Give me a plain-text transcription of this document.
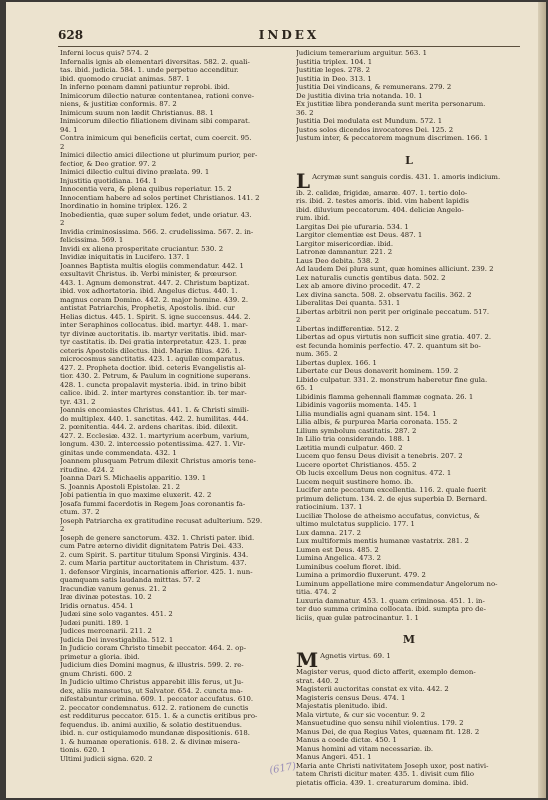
628	INDEX
Inferni locus quis? 574. 2
Infernalis ignis ab elementari diversitas. 582. 2. quali-
tas. ibid. judicia. 584. 1. unde perpetuo accenditur.
ibid. quomodo cruciat animas. 587. 1
In inferno pœnam damni patiuntur reprobi. ibid.
Inimicorum dilectio naturæ contentanea, rationi conve-
niens, & justitiæ conformis. 87. 2
Inimicum suum non lædit Christianus. 88. 1
Inimicorum dilectio filiationem divinam sibi comparat.
94. 1
Contra inimicum qui beneficiis certat, cum coercit. 95.
2
Inimici dilectio amici dilectione ut plurimum purior, per-
fectior, & Deo gratior. 97. 2
Inimici dilectio cultui divino prælata. 99. 1
Injustitia quotidiana. 164. 1
Innocentia vera, & plena quibus reperiatur. 15. 2
Innocentiam habere ad solos pertinet Christianos. 141. 2
Inordinatio in homine triplex. 126. 2
Inobedientia, quæ super solum fedet, unde oriatur. 43.
2
Invidia criminosissima. 566. 2. crudelissima. 567. 2. in-
felicissima. 569. 1
Invidi ex aliena prosperitate cruciantur. 530. 2
Invidiæ iniquitatis in Lucifero. 137. 1
Joannes Baptista multis elogiis commendatur. 442. 1
exsultavit Christus. ib. Verbi minister, & prœursor.
443. 1. Agnum demonstrat. 447. 2. Christum baptizat.
ibid. vox adhortatoria. ibid. Angelus dictus. 440. 1.
magnus coram Domino. 442. 2. major homine. 439. 2.
antistat Patriarchis, Prophetis, Apostolis. ibid. cur
Helias dictus. 445. 1. Spirit. S. igne succensus. 444. 2.
inter Seraphinos collocatus. ibid. martyr. 448. 1. mar-
tyr divinæ auctoritatis. ib. martyr veritatis. ibid. mar-
tyr castitatis. ib. Dei gratia interpretatur. 423. 1. præ
ceteris Apostolis dilectus. ibid. Mariæ filius. 426. 1.
microcosmus sanctitatis. 423. 1. aquilæ comparatus.
427. 2. Propheta doctior. ibid. ceteris Evangelistis al-
tior. 430. 2. Petrum, & Paulum in cognitione superans.
428. 1. cuncta propalavit mysteria. ibid. in trino bibit
calice. ibid. 2. inter martyres constantior. ib. ter mar-
tyr. 431. 2
Joannis encomiastes Christus. 441. 1. & Christi simili-
do multiplex. 440. 1. sanctitas. 442. 2. humilitas. 444.
2. pœnitentia. 444. 2. ardens charitas. ibid. dilexit.
427. 2. Ecclesiæ. 432. 1. martyrium acerbum, varium,
longum. 430. 2. intercessio potentissima. 427. 1. Vir-
ginitas unde commendata. 432. 1
Joannem plusquam Petrum dilexit Christus amoris tene-
ritudine. 424. 2
Joanna Dari S. Michaelis apparitio. 139. 1
S. Joannis Apostoli Epistolæ. 21. 2
Jobi patientia in quo maxime eluxerit. 42. 2
Josafa fummi facerdotis in Regem Joas coronantis fa-
ctum. 37. 2
Joseph Patriarcha ex gratitudine recusat adulterium. 529.
2
Joseph de genere sanctorum. 432. 1. Christi pater. ibid.
cum Patre æterno dividit dignitatem Patris Dei. 433.
2. cum Spirit. S. partitur titulum Sponsi Virginis. 434.
2. cum Maria partitur auctoritatem in Christum. 437.
1. defensor Virginis, incarnationis afferior. 425. 1. nun-
quamquam satis laudanda mitttas. 57. 2
Iracundiæ vanum genus. 21. 2
Iræ divinæ potestas. 10. 2
Iridis ornatus. 454. 1
Judæi sine solo vagantes. 451. 2
Judæi puniti. 189. 1
Judices mercenarii. 211. 2
Judicia Dei investigabilia. 512. 1
In Judicio coram Christo timebit peccator. 464. 2. op-
primetur a gloria. ibid.
Judicium dies Domini magnus, & illustris. 599. 2. re-
gnum Christi. 600. 2
In Judicio ultimo Christus apparebit illis ferus, ut Ju-
dex, aliis mansuetus, ut Salvator. 654. 2. cuncta ma-
nifestabuntur crimina. 609. 1. peccator accufatus. 610.
2. peccator condemnatus. 612. 2. rationem de cunctis
est redditurus peccator. 615. 1. & a cunctis eritibus pro-
fequendus. ib. animi auxilio, & solatio destituendus.
ibid. n. cur ostiquiamodo mundanæ dispositionis. 618.
1. & humanæ operationis. 618. 2. & divinæ misera-
tionis. 620. 1
Ultimi judicii signa. 620. 2
Judicium temerarium arguitur. 563. 1
Justitia triplex. 104. 1
Justitiæ leges. 278. 2
Justitia in Deo. 313. 1
Justitia Dei vindicans, & remunerans. 279. 2
De justitia divina tria notanda. 10. 1
Ex justitiæ libra ponderanda sunt merita personarum.
36. 2
Justitia Dei modulata est Mundum. 572. 1
Justos solos dicendos invocatores Dei. 125. 2
Justum inter, & peccatorem magnum discrimen. 166. 1
L
L Acrymæ sunt sanguis cordis. 431. 1. amoris indicium.
ib. 2. calidæ, frigidæ, amaræ. 407. 1. tertio dolo-
ris. ibid. 2. testes amoris. ibid. vim habent lapidis
ibid. diluvium peccatorum. 404. deliciæ Angelo-
rum. ibid.
Largitas Dei pie ufuraria. 534. 1
Largitor clementiæ est Deus. 487. 1
Largitor misericordiæ. ibid.
Latronæ damnantur. 221. 2
Laus Deo debita. 538. 2
Ad laudem Dei plura sunt, quæ homines alliciunt. 239. 2
Lex naturalis cunctis gentibus data. 502. 2
Lex ab amore divino procedit. 47. 2
Lex divina sancta. 508. 2. observatu facilis. 362. 2
Liberalitas Dei quanta. 531. 1
Libertas arbitrii non perit per originale peccatum. 517.
2
Libertas indifferentiæ. 512. 2
Libertas ad opus virtutis non sufficit sine gratia. 407. 2.
est fecunda hominis perfectio. 47. 2. quantum sit bo-
num. 365. 2
Libertas duplex. 166. 1
Libertate cur Deus donaverit hominem. 159. 2
Libido culpatur. 331. 2. monstrum haberetur fine gula.
65. 1
Libidinis flamma gehennali flammæ cognata. 26. 1
Libidinis vagoriis momenta. 145. 1
Lilia mundialis agni quanam sint. 154. 1
Lilia albis, & purpurea Maria coronata. 155. 2
Lilium symbolum castitatis. 287. 2
In Lilio tria considerando. 188. 1
Lætitia mundi culpatur. 460. 2
Lucem quo fensu Deus divisit a tenebris. 207. 2
Lucere oportet Christianos. 455. 2
Ob lucis excellum Deus non cognitus. 472. 1
Lucem nequit sustinere homo. ib.
Lucifer ante peccatum excellentia. 116. 2. quale fuerit
primum delictum. 134. 2. de ejus superbia D. Bernard.
ratiocinium. 137. 1
Luciliæ Tholose de atheismo accufatus, convictus, &
ultimo mulctatus supplicio. 177. 1
Lux damna. 217. 2
Lux multiformis mentis humanæ vastatrix. 281. 2
Lumen est Deus. 485. 2
Lumina Angelica. 473. 2
Luminibus coelum floret. ibid.
Lumina a primordio fluxerunt. 479. 2
Luminum appellatione mire commendatur Angelorum no-
titia. 474. 2
Luxuria damnatur. 453. 1. quam criminosa. 451. 1. in-
ter duo summa crimina collocata. ibid. sumpta pro de-
liciis, quæ gulæ patrocinantur. 1. 1
M
M Agnetis virtus. 69. 1
Magister verus, quod dicto afferit, exemplo demon-
strat. 440. 2
Magisterii auctoritas constat ex vita. 442. 2
Magisteris census Deus. 474. 1
Majestatis plenitudo. ibid.
Mala virtute, & cur sic vocentur. 9. 2
Mansuetudine quo sensu nihil violentius. 179. 2
Manus Dei, de qua Regius Vates, quænam fit. 128. 2
Manus a coede dictæ. 450. 1
Manus homini ad vitam necessariæ. ib.
Manus Angeri. 451. 1
Maria ante Christi nativitatem Joseph uxor, post nativi-
tatem Christi dicitur mater. 435. 1. divisit cum filio
pietatis officia. 439. 1. creaturarum domina. ibid.
(617)
